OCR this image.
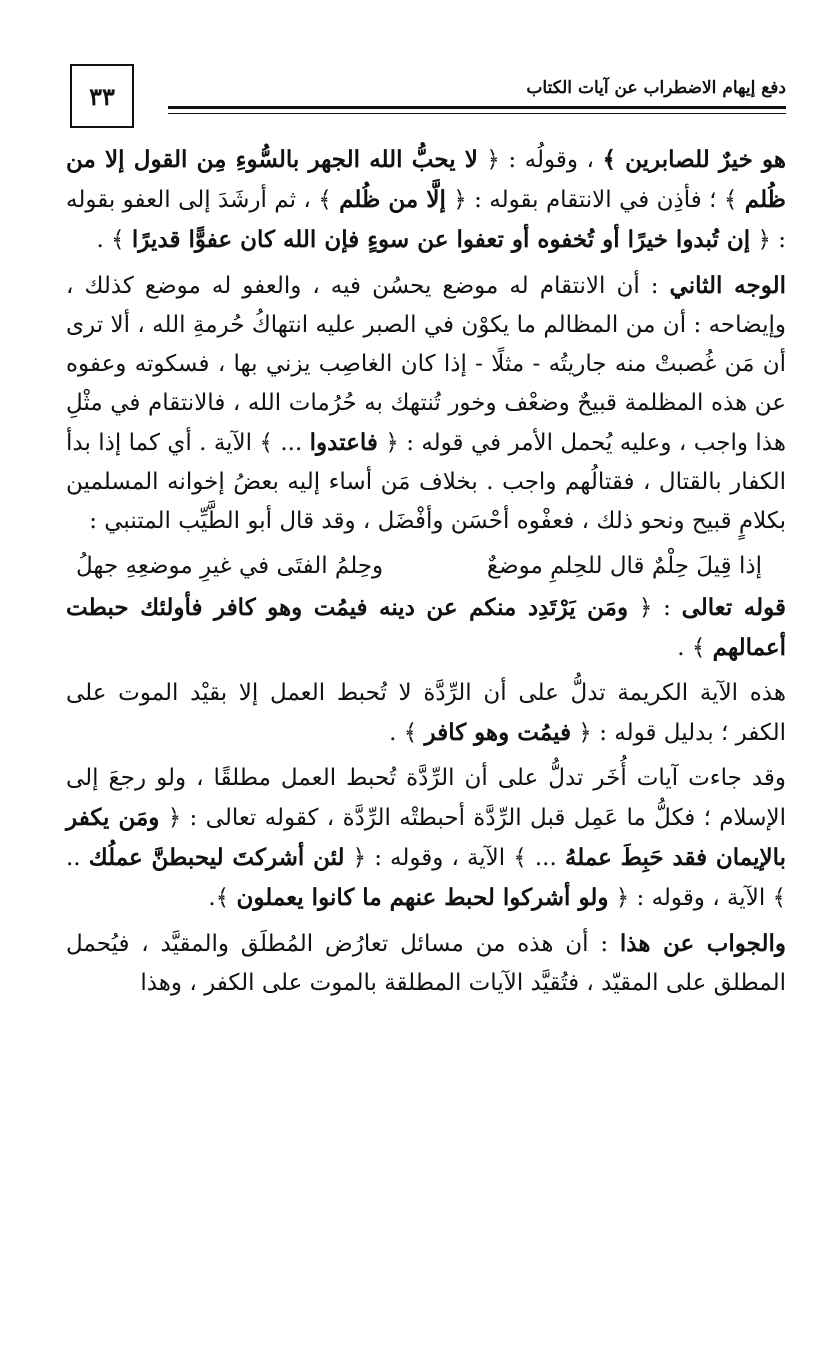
٣٣	دفع إيهام الاضطراب عن آيات الكتاب

هو خيرٌ للصابرين ﴾ ، وقولُه : ﴿ لا يحبُّ الله الجهر بالسُّوءِ مِن القول إلا من ظُلم ﴾ ؛ فأذِن في الانتقام بقوله : ﴿ إلَّا من ظُلم ﴾ ، ثم أرشَدَ إلى العفو بقوله : ﴿ إن تُبدوا خيرًا أو تُخفوه أو تعفوا عن سوءٍ فإن الله كان عفوًّا قديرًا ﴾ .

الوجه الثاني : أن الانتقام له موضع يحسُن فيه ، والعفو له موضع كذلك ، وإيضاحه : أن من المظالم ما يكوْن في الصبر عليه انتهاكُ حُرمةِ الله ، ألا ترى أن مَن غُصبتْ منه جاريتُه - مثلًا - إذا كان الغاصِب يزني بها ، فسكوته وعفوه عن هذه المظلمة قبيحٌ وضعْف وخور تُنتهك به حُرُمات الله ، فالانتقام في مثْلِ هذا واجب ، وعليه يُحمل الأمر في قوله : ﴿ فاعتدوا ... ﴾ الآية . أي كما إذا بدأ الكفار بالقتال ، فقتالُهم واجب . بخلاف مَن أساء إليه بعضُ إخوانه المسلمين بكلامٍ قبيح ونحو ذلك ، فعفْوه أحْسَن وأفْضَل ، وقد قال أبو الطَّيِّب المتنبي :

إذا قِيلَ حِلْمٌ قال للحِلمِ موضعٌ
وحِلمُ الفتَى في غيرِ موضعِهِ جهلُ

قوله تعالى : ﴿ ومَن يَرْتَدِد منكم عن دينه فيمُت وهو كافر فأولئك حبطت أعمالهم ﴾ .

هذه الآية الكريمة تدلُّ على أن الرِّدَّة لا تُحبط العمل إلا بقيْد الموت على الكفر ؛ بدليل قوله : ﴿ فيمُت وهو كافر ﴾ .

وقد جاءت آيات أُخَر تدلُّ على أن الرِّدَّة تُحبط العمل مطلقًا ، ولو رجعَ إلى الإسلام ؛ فكلُّ ما عَمِل قبل الرِّدَّة أحبطتْه الرِّدَّة ، كقوله تعالى : ﴿ ومَن يكفر بالإيمان فقد حَبِطَ عملهُ ... ﴾ الآية ، وقوله : ﴿ لئن أشركتَ ليحبطنَّ عملُك .. ﴾ الآية ، وقوله : ﴿ ولو أشركوا لحبط عنهم ما كانوا يعملون ﴾.

والجواب عن هذا : أن هذه من مسائل تعارُض المُطلَق والمقيَّد ، فيُحمل المطلق على المقيّد ، فتُقيَّد الآيات المطلقة بالموت على الكفر ، وهذا
